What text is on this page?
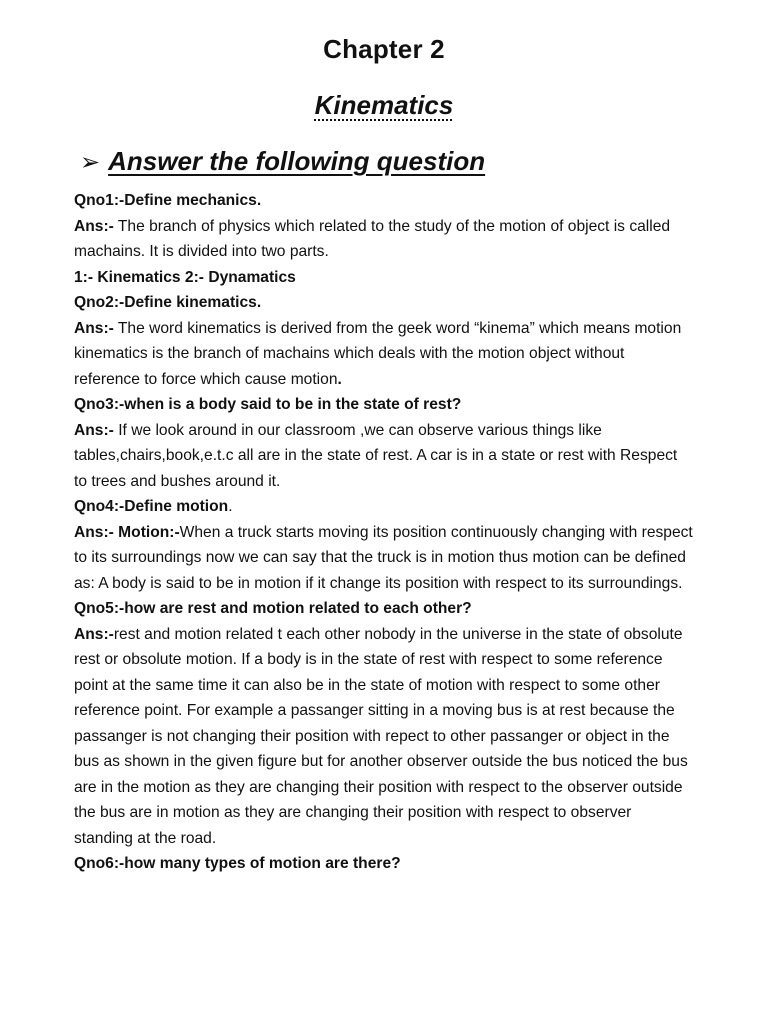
Chapter 2
Kinematics
➢ Answer the following question

Qno1:-Define mechanics.

Ans:- The branch of physics which related to the study of the motion of object is called machains. It is divided into two parts.

1:- Kinematics 2:- Dynamatics

Qno2:-Define kinematics.

Ans:- The word kinematics is derived from the geek word “kinema” which means motion kinematics is the branch of machains which deals with the motion object without reference to force which cause motion.

Qno3:-when is a body said to be in the state of rest?

Ans:- If we look around in our classroom ,we can observe various things like tables,chairs,book,e.t.c all are in the state of rest. A car is in a state or rest with Respect to trees and bushes around it.

Qno4:-Define motion.

Ans:- Motion:-When a truck starts moving its position continuously changing with respect to its surroundings now we can say that the truck is in motion thus motion can be defined as: A body is said to be in motion if it change its position with respect to its surroundings.

Qno5:-how are rest and motion related to each other?

Ans:-rest and motion related t each other nobody in the universe in the state of obsolute rest or obsolute motion. If a body is in the state of rest with respect to some reference point at the same time it can also be in the state of motion with respect to some other reference point. For example a passanger sitting in a moving bus is at rest because the passanger is not changing their position with repect to other passanger or object in the bus as shown in the given figure but for another observer outside the bus noticed the bus are in the motion as they are changing their position with respect to the observer outside the bus are in motion as they are changing their position with respect to observer standing at the road.

Qno6:-how many types of motion are there?
